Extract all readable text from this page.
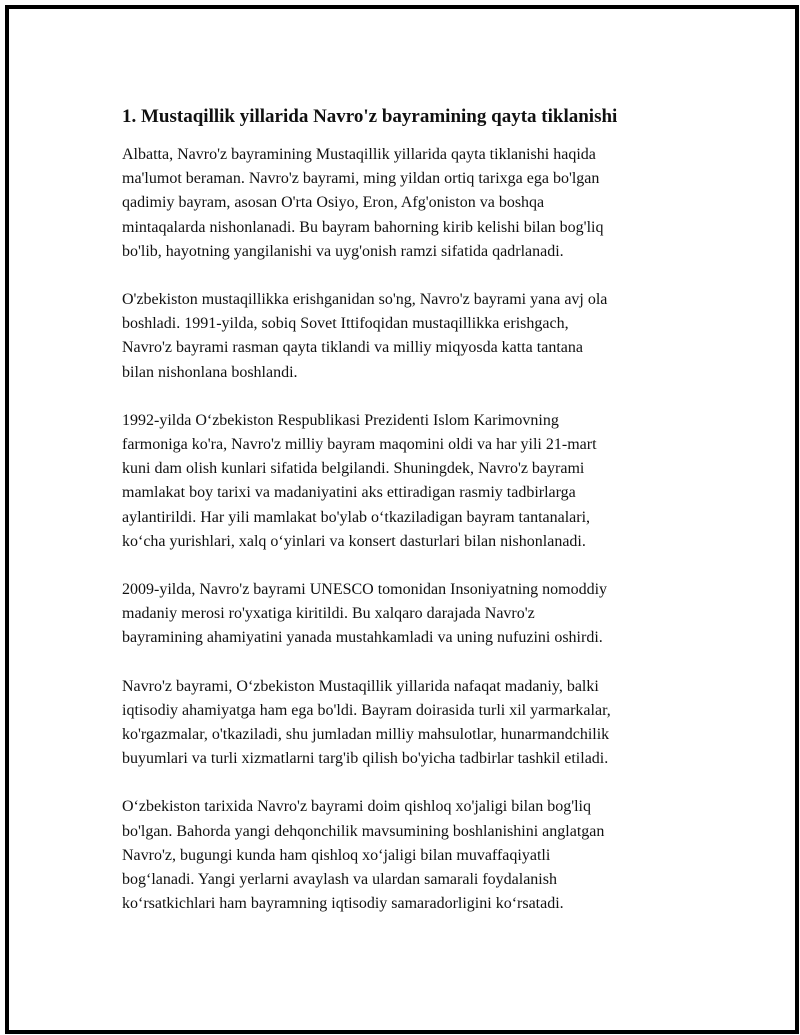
1. Mustaqillik yillarida Navro'z bayramining qayta tiklanishi
Albatta, Navro'z bayramining Mustaqillik yillarida qayta tiklanishi haqida
ma'lumot beraman. Navro'z bayrami, ming yildan ortiq tarixga ega bo'lgan
qadimiy bayram, asosan O'rta Osiyo, Eron, Afg'oniston va boshqa
mintaqalarda nishonlanadi. Bu bayram bahorning kirib kelishi bilan bog'liq
bo'lib, hayotning yangilanishi va uyg'onish ramzi sifatida qadrlanadi.
O'zbekiston mustaqillikka erishganidan so'ng, Navro'z bayrami yana avj ola
boshladi. 1991-yilda, sobiq Sovet Ittifoqidan mustaqillikka erishgach,
Navro'z bayrami rasman qayta tiklandi va milliy miqyosda katta tantana
bilan nishonlana boshlandi.
1992-yilda O‘zbekiston Respublikasi Prezidenti Islom Karimovning
farmoniga ko'ra, Navro'z milliy bayram maqomini oldi va har yili 21-mart
kuni dam olish kunlari sifatida belgilandi. Shuningdek, Navro'z bayrami
mamlakat boy tarixi va madaniyatini aks ettiradigan rasmiy tadbirlarga
aylantirildi. Har yili mamlakat bo'ylab o‘tkaziladigan bayram tantanalari,
ko‘cha yurishlari, xalq o‘yinlari va konsert dasturlari bilan nishonlanadi.
2009-yilda, Navro'z bayrami UNESCO tomonidan Insoniyatning nomoddiy
madaniy merosi ro'yxatiga kiritildi. Bu xalqaro darajada Navro'z
bayramining ahamiyatini yanada mustahkamladi va uning nufuzini oshirdi.
Navro'z bayrami, O‘zbekiston Mustaqillik yillarida nafaqat madaniy, balki
iqtisodiy ahamiyatga ham ega bo'ldi. Bayram doirasida turli xil yarmarkalar,
ko'rgazmalar, o'tkaziladi, shu jumladan milliy mahsulotlar, hunarmandchilik
buyumlari va turli xizmatlarni targ'ib qilish bo'yicha tadbirlar tashkil etiladi.
O‘zbekiston tarixida Navro'z bayrami doim qishloq xo'jaligi bilan bog'liq
bo'lgan. Bahorda yangi dehqonchilik mavsumining boshlanishini anglatgan
Navro'z, bugungi kunda ham qishloq xo‘jaligi bilan muvaffaqiyatli
bog‘lanadi. Yangi yerlarni avaylash va ulardan samarali foydalanish
ko‘rsatkichlari ham bayramning iqtisodiy samaradorligini ko‘rsatadi.
